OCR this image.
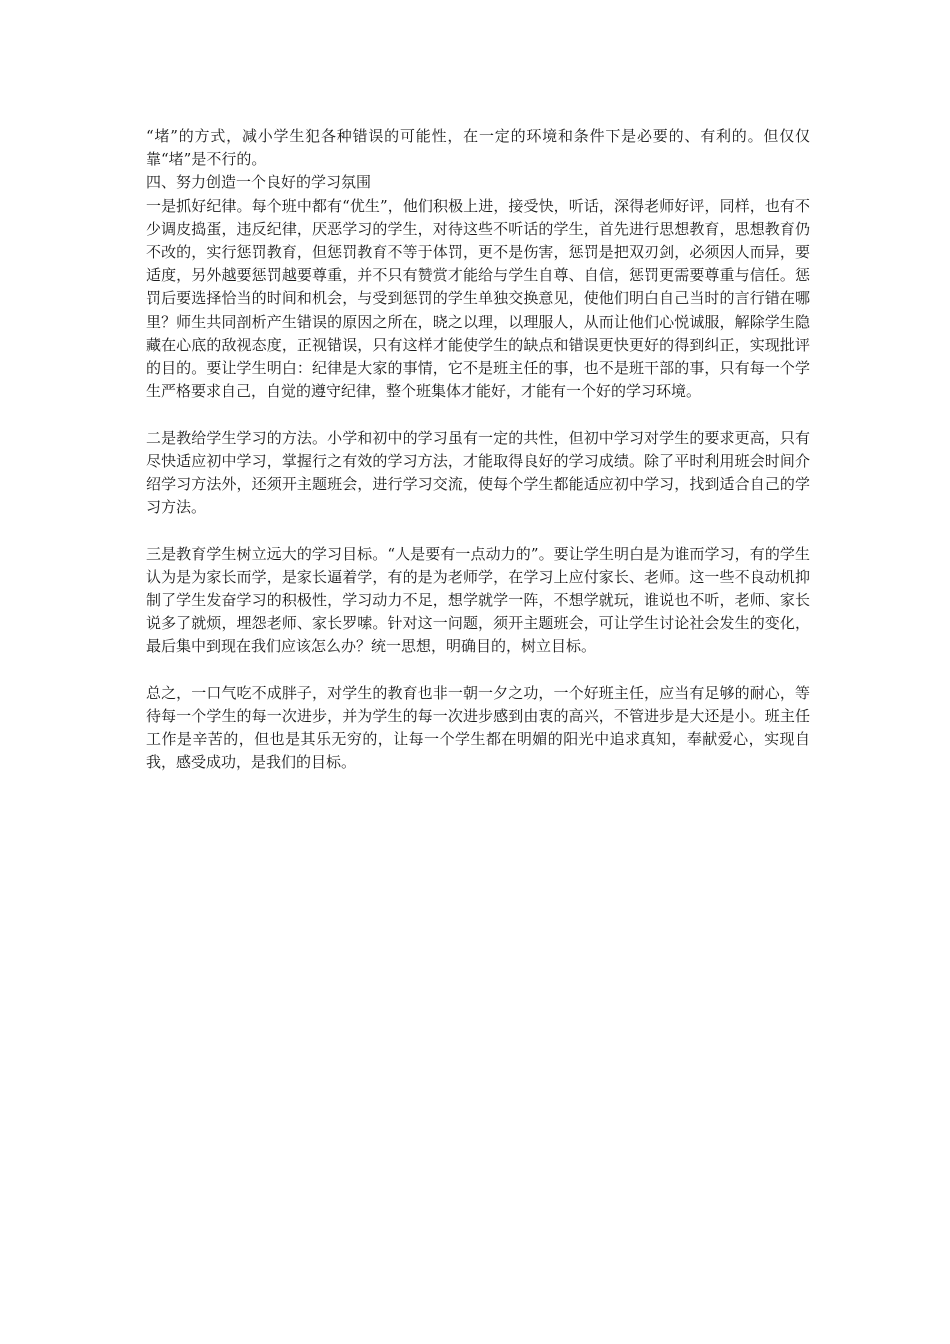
“堵”的方式，减小学生犯各种错误的可能性，在一定的环境和条件下是必要的、有利的。但仅仅靠“堵”是不行的。

四、努力创造一个良好的学习氛围

一是抓好纪律。每个班中都有“优生”，他们积极上进，接受快，听话，深得老师好评，同样，也有不少调皮捣蛋，违反纪律，厌恶学习的学生，对待这些不听话的学生，首先进行思想教育，思想教育仍不改的，实行惩罚教育，但惩罚教育不等于体罚，更不是伤害，惩罚是把双刃剑，必须因人而异，要适度，另外越要惩罚越要尊重，并不只有赞赏才能给与学生自尊、自信，惩罚更需要尊重与信任。惩罚后要选择恰当的时间和机会，与受到惩罚的学生单独交换意见，使他们明白自己当时的言行错在哪里？师生共同剖析产生错误的原因之所在，晓之以理，以理服人，从而让他们心悦诚服，解除学生隐藏在心底的敌视态度，正视错误，只有这样才能使学生的缺点和错误更快更好的得到纠正，实现批评的目的。要让学生明白：纪律是大家的事情，它不是班主任的事，也不是班干部的事，只有每一个学生严格要求自己，自觉的遵守纪律，整个班集体才能好，才能有一个好的学习环境。

二是教给学生学习的方法。小学和初中的学习虽有一定的共性，但初中学习对学生的要求更高，只有尽快适应初中学习，掌握行之有效的学习方法，才能取得良好的学习成绩。除了平时利用班会时间介绍学习方法外，还须开主题班会，进行学习交流，使每个学生都能适应初中学习，找到适合自己的学习方法。

三是教育学生树立远大的学习目标。“人是要有一点动力的”。要让学生明白是为谁而学习，有的学生认为是为家长而学，是家长逼着学，有的是为老师学，在学习上应付家长、老师。这一些不良动机抑制了学生发奋学习的积极性，学习动力不足，想学就学一阵，不想学就玩，谁说也不听，老师、家长说多了就烦，埋怨老师、家长罗嗦。针对这一问题，须开主题班会，可让学生讨论社会发生的变化，最后集中到现在我们应该怎么办？统一思想，明确目的，树立目标。

总之，一口气吃不成胖子，对学生的教育也非一朝一夕之功，一个好班主任，应当有足够的耐心，等待每一个学生的每一次进步，并为学生的每一次进步感到由衷的高兴，不管进步是大还是小。班主任工作是辛苦的，但也是其乐无穷的，让每一个学生都在明媚的阳光中追求真知，奉献爱心，实现自我，感受成功，是我们的目标。
